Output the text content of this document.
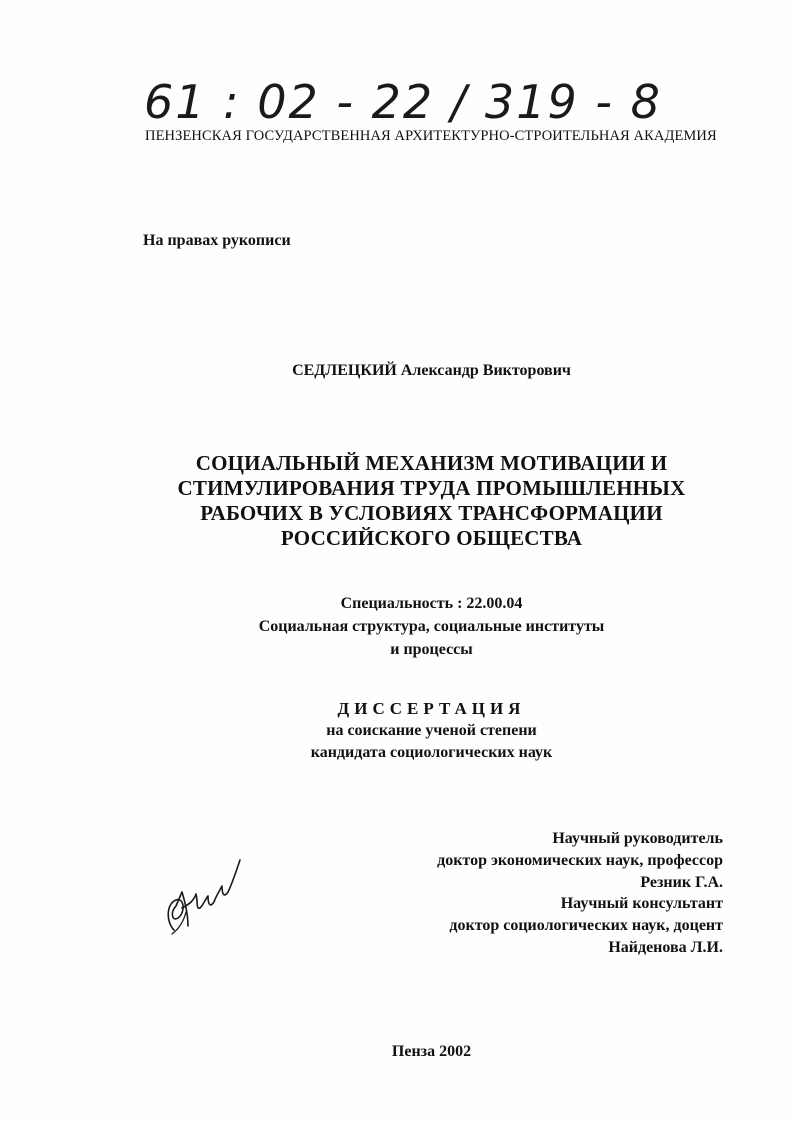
61 : 02 - 22 / 319 - 8
ПЕНЗЕНСКАЯ ГОСУДАРСТВЕННАЯ АРХИТЕКТУРНО-СТРОИТЕЛЬНАЯ АКАДЕМИЯ
На правах рукописи
СЕДЛЕЦКИЙ Александр Викторович
СОЦИАЛЬНЫЙ МЕХАНИЗМ МОТИВАЦИИ И
СТИМУЛИРОВАНИЯ ТРУДА ПРОМЫШЛЕННЫХ
РАБОЧИХ В УСЛОВИЯХ ТРАНСФОРМАЦИИ
РОССИЙСКОГО ОБЩЕСТВА
Специальность : 22.00.04
Социальная структура, социальные институты
и процессы
ДИССЕРТАЦИЯ
на соискание ученой степени
кандидата социологических наук
Научный руководитель
доктор экономических наук, профессор
Резник Г.А.
Научный консультант
доктор социологических наук, доцент
Найденова Л.И.
Пенза 2002
